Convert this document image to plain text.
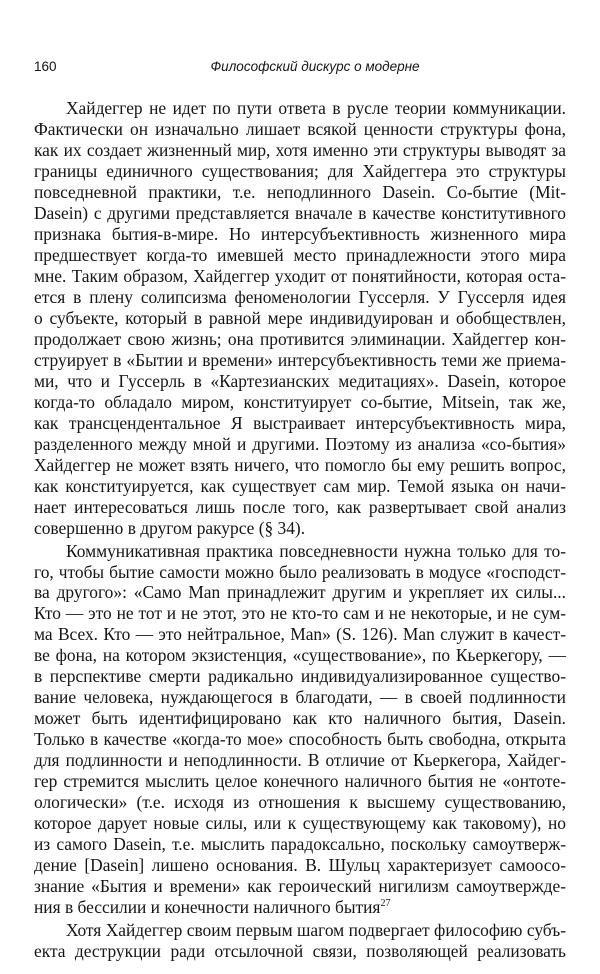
160	Философский дискурс о модерне
Хайдеггер не идет по пути ответа в русле теории коммуникации.
Фактически он изначально лишает всякой ценности структуры фона,
как их создает жизненный мир, хотя именно эти структуры выводят за
границы единичного существования; для Хайдеггера это структуры
повседневной практики, т.е. неподлинного Dasein. Со-бытие (Mit-
Dasein) с другими представляется вначале в качестве конститутивного
признака бытия-в-мире. Но интерсубъективность жизненного мира
предшествует когда-то имевшей место принадлежности этого мира
мне. Таким образом, Хайдеггер уходит от понятийности, которая оста-
ется в плену солипсизма феноменологии Гуссерля. У Гуссерля идея
о субъекте, который в равной мере индивидуирован и обобществлен,
продолжает свою жизнь; она противится элиминации. Хайдеггер кон-
струирует в «Бытии и времени» интерсубъективность теми же приема-
ми, что и Гуссерль в «Картезианских медитациях». Dasein, которое
когда-то обладало миром, конституирует со-бытие, Mitsein, так же,
как трансцендентальное Я выстраивает интерсубъективность мира,
разделенного между мной и другими. Поэтому из анализа «со-бытия»
Хайдеггер не может взять ничего, что помогло бы ему решить вопрос,
как конституируется, как существует сам мир. Темой языка он начи-
нает интересоваться лишь после того, как развертывает свой анализ
совершенно в другом ракурсе (§ 34).
Коммуникативная практика повседневности нужна только для то-
го, чтобы бытие самости можно было реализовать в модусе «господст-
ва другого»: «Само Man принадлежит другим и укрепляет их силы...
Кто — это не тот и не этот, это не кто-то сам и не некоторые, и не сум-
ма Всех. Кто — это нейтральное, Man» (S. 126). Man служит в качест-
ве фона, на котором экзистенция, «существование», по Кьеркегору, —
в перспективе смерти радикально индивидуализированное существо-
вание человека, нуждающегося в благодати, — в своей подлинности
может быть идентифицировано как кто наличного бытия, Dasein.
Только в качестве «когда-то мое» способность быть свободна, открыта
для подлинности и неподлинности. В отличие от Кьеркегора, Хайдег-
гер стремится мыслить целое конечного наличного бытия не «онтоте-
ологически» (т.е. исходя из отношения к высшему существованию,
которое дарует новые силы, или к существующему как таковому), но
из самого Dasein, т.е. мыслить парадоксально, поскольку самоутверж-
дение [Dasein] лишено основания. В. Шульц характеризует самоосо-
знание «Бытия и времени» как героический нигилизм самоутвержде-
ния в бессилии и конечности наличного бытия$^{27}$
Хотя Хайдеггер своим первым шагом подвергает философию субъ-
екта деструкции ради отсылочной связи, позволяющей реализовать
